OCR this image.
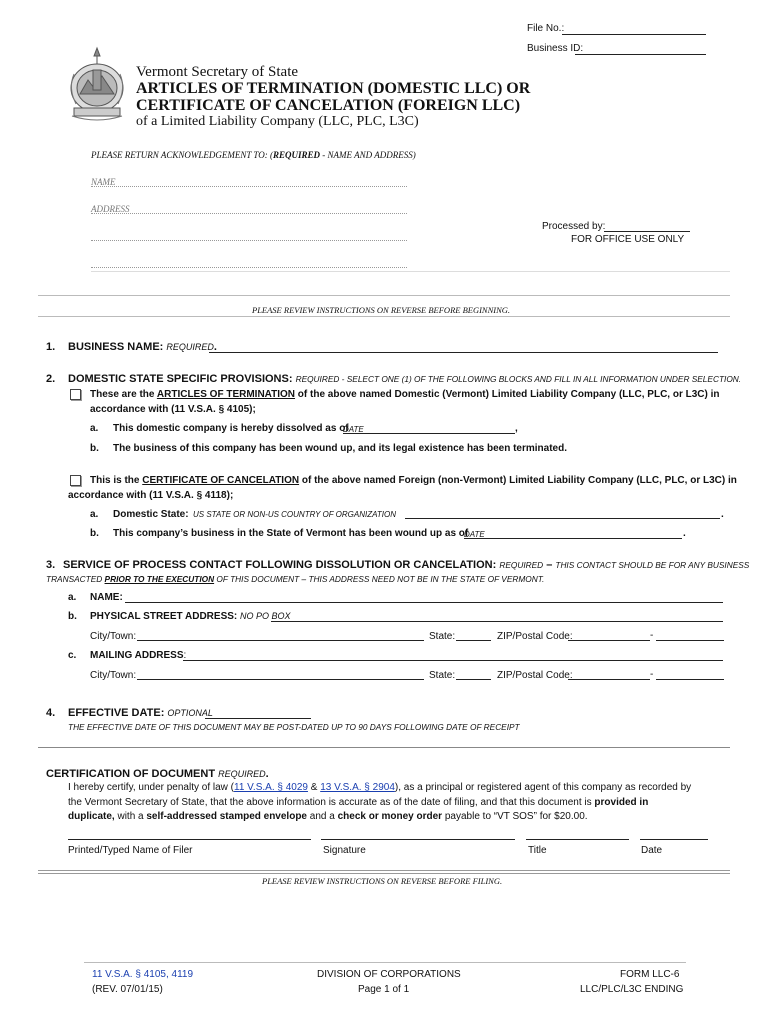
File No.:
Business ID:
Vermont Secretary of State
ARTICLES OF TERMINATION (DOMESTIC LLC) OR
CERTIFICATE OF CANCELATION (FOREIGN LLC)
of a Limited Liability Company (LLC, PLC, L3C)
PLEASE RETURN ACKNOWLEDGEMENT TO: (REQUIRED - NAME AND ADDRESS)
NAME
ADDRESS
Processed by:
FOR OFFICE USE ONLY
PLEASE REVIEW INSTRUCTIONS ON REVERSE BEFORE BEGINNING.
1. BUSINESS NAME: REQUIRED.
2. DOMESTIC STATE SPECIFIC PROVISIONS: REQUIRED - SELECT ONE (1) OF THE FOLLOWING BLOCKS AND FILL IN ALL INFORMATION UNDER SELECTION.
These are the ARTICLES OF TERMINATION of the above named Domestic (Vermont) Limited Liability Company (LLC, PLC, or L3C) in
accordance with (11 V.S.A. § 4105);
a. This domestic company is hereby dissolved as of
DATE	,
b. The business of this company has been wound up, and its legal existence has been terminated.
This is the CERTIFICATE OF CANCELATION of the above named Foreign (non-Vermont) Limited Liability Company (LLC, PLC, or L3C) in
accordance with (11 V.S.A. § 4118);
a. Domestic State: US STATE OR NON-US COUNTRY OF ORGANIZATION	.
b. This company’s business in the State of Vermont has been wound up as of
DATE	.
3. SERVICE OF PROCESS CONTACT FOLLOWING DISSOLUTION OR CANCELATION: REQUIRED – THIS CONTACT SHOULD BE FOR ANY BUSINESS
TRANSACTED PRIOR TO THE EXECUTION OF THIS DOCUMENT – THIS ADDRESS NEED NOT BE IN THE STATE OF VERMONT.
a. NAME:
b. PHYSICAL STREET ADDRESS: NO PO BOX
City/Town:	State:	ZIP/Postal Code:	-
c. MAILING ADDRESS:
City/Town:	State:	ZIP/Postal Code:	-
4. EFFECTIVE DATE: OPTIONAL
THE EFFECTIVE DATE OF THIS DOCUMENT MAY BE POST-DATED UP TO 90 DAYS FOLLOWING DATE OF RECEIPT
CERTIFICATION OF DOCUMENT REQUIRED.
I hereby certify, under penalty of law (11 V.S.A. § 4029 & 13 V.S.A. § 2904), as a principal or registered agent of this company as recorded by
the Vermont Secretary of State, that the above information is accurate as of the date of filing, and that this document is provided in
duplicate, with a self-addressed stamped envelope and a check or money order payable to “VT SOS” for $20.00.
Printed/Typed Name of Filer	Signature	Title	Date
PLEASE REVIEW INSTRUCTIONS ON REVERSE BEFORE FILING.
11 V.S.A. § 4105, 4119
(REV. 07/01/15)
DIVISION OF CORPORATIONS
Page 1 of 1
FORM LLC-6
LLC/PLC/L3C ENDING
